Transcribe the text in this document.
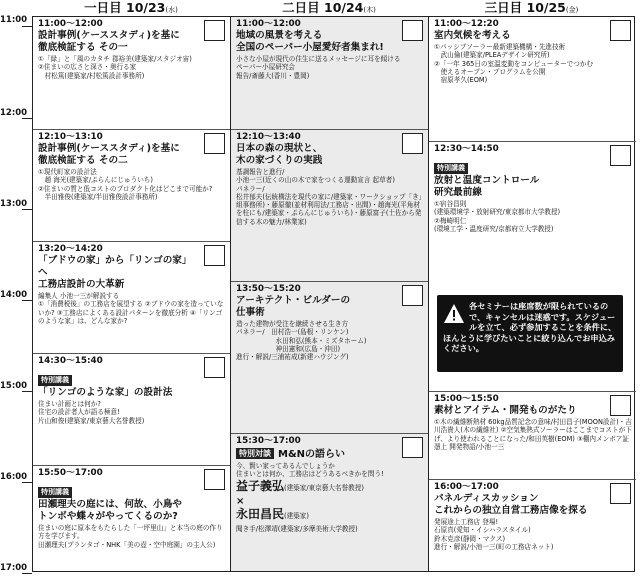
11:00
12:00
13:00
14:00
15:00
16:00
17:00
一日目 10/23(水)	二日目 10/24(木)	三日目 10/25(金)
11:00～12:00
設計事例(ケーススタディ)を基に
徹底検証する その一
①「緑」と「風のカタチ 郡裕美(建築家/スタジオ宙)
②住まいの広さと深さ・奥行る家
　村松篤(建築家/村松篤設計事務所)
12:10～13:10
設計事例(ケーススタディ)を基に
徹底検証する その二
①現代町家の設計法
　趙 海光(建築家/ぷらんにじゅういち)
②住まいの質と低コストのプロダクト化はどこまで可能か?
　半田雅俊(建築家/半田雅俊設計事務所)
13:20～14:20
「ブドウの家」から「リンゴの家」へ
工務店設計の大革新
編集人 小池一三が解説する
①「消費税後」の工務店を展望する ②ブドウの家を造っていないか? ③工務店によくある設計パターンを徹底分析 ④「リンゴのような家」は、どんな家か?
14:30～15:40
特別講義
「リンゴのような家」の設計法
住まい計画とは何か?
住宅の設計者人が語る極意!
片山和俊(建築家/東京藝大名誉教授)
15:50～17:00
特別講義
田瀬理夫の庭には、何故、小鳥や
トンボや蝶々がやってくるのか?
住まいの庭に原本をもたらした「一坪里山」と本当の庭の作り方を学びます。
田瀬理夫(プランタゴ・NHK「美の壺・空中庭園」の主人公)
11:00～12:00
地域の風景を考える
全国のペーパー小屋愛好者集まれ!
小さな小屋が現代の住生に送るメッセージに耳を傾ける
ペーパー小屋研究会
報告/斎藤大(香川・豊岡)
12:10～13:40
日本の森の現状と、
木の家づくりの実践
基調報告と進行/
小池一三(近くの山の木で家をつくる運動宣言 起草者)
パネラー/
松井郁夫(伝統構法を現代の家に/建築家・ワークショップ「き」組事務所)・藤原徹(並材利用法/工務店・出間)・趙海光(平角材を柱にも/建築家・ぷらんにじゅういち)・藤原富子(土佐から発信する木の魅力/林業家)
13:50～15:20
アーキテクト・ビルダーの
仕事術
造った建物が受注を継続させる生き方
パネラー/　田村浩一(島根・リンケン)
　　　　　　水田和弘(熊本・ミズタホーム)
　　　　　　神田憲和(広島・沖田)
進行・解説/三浦祐成(新建ハウジング)
15:30～17:00
特別対談 M&Nの語らい
今、賢い家ってあるんでしょうか
住まいとは何か、工務店はどうあるべきかを問う!
益子義弘(建築家/東京藝大名誉教授)
×
永田昌民(建築家)
聞き手/松澤靖(建築家/多摩美術大学教授)
11:00～12:20
室内気候を考える
①パッシブソーラー最新建築機構・先進技術
　武山倫(建築家/PLEAデザイン研究所)
②「一年 365日の室温変動をコンピューターでつかむ
　使えるオープン・プログラムを公開
　宿原孝久(EOM)
12:30～14:50
特別講義
放射と温度コントロール
研究最前線
①宿谷昌則
(建築環境学・放射研究/東京都市大学教授)
②梅崎明仁
(環境工学・温度研究/京都府立大学教授)
15:00～15:50
素材とアイテム・開発ものがたり
①木の繊維断熱材 60kg品質記念の意味/村田昌子(MOON設計)・吉川浩貴人(木の繊維社) ②空気集熱式ソーラーはここまでコストが下げ、より使われることになった/和田英樹(EOM) ③棚内メンボア証憑上 開発物語/小池一三
16:00～17:00
パネルディスカッション
これからの独立自営工務店像を探る
発展途上工務店 登場!
石原真(愛知・イシハラスタイル)
鈴木克彦(静岡・マクス)
進行・解説/小池一三(町の工務店ネット)
各セミナーは座席数が限られているので、キャンセルは迷惑です。スケジュールを立て、必ず参加することを条件に、ほんとうに学びたいことに絞り込んでお申込みください。
